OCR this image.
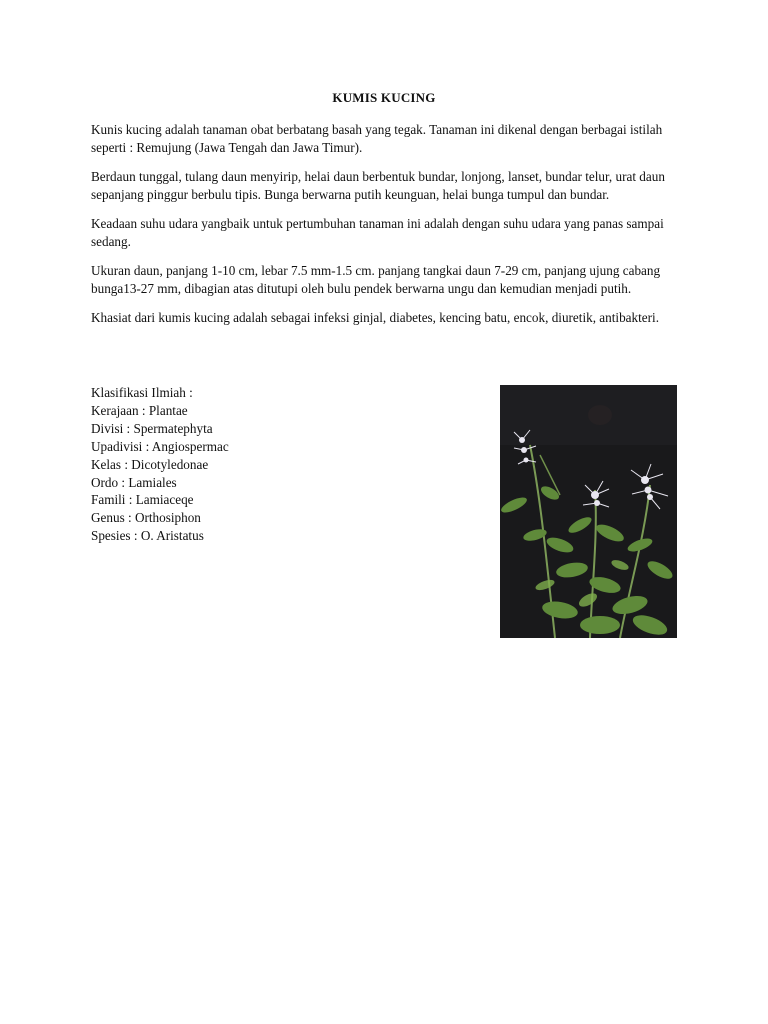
KUMIS KUCING

Kunis kucing adalah tanaman obat berbatang basah yang tegak. Tanaman ini dikenal dengan berbagai istilah seperti : Remujung (Jawa Tengah dan Jawa Timur).

Berdaun tunggal, tulang daun menyirip, helai daun berbentuk bundar, lonjong, lanset, bundar telur, urat daun sepanjang pinggur berbulu tipis. Bunga berwarna putih keunguan, helai bunga tumpul dan bundar.

Keadaan suhu udara yangbaik untuk pertumbuhan tanaman ini adalah dengan suhu udara yang panas sampai sedang.

Ukuran daun, panjang 1-10 cm, lebar 7.5 mm-1.5 cm. panjang tangkai daun 7-29 cm, panjang ujung cabang bunga13-27 mm, dibagian atas ditutupi oleh bulu pendek berwarna ungu dan kemudian menjadi putih.

Khasiat dari kumis kucing adalah sebagai infeksi ginjal, diabetes, kencing batu, encok, diuretik, antibakteri.

Klasifikasi Ilmiah :
Kerajaan : Plantae
Divisi : Spermatephyta
Upadivisi : Angiospermac
Kelas : Dicotyledonae
Ordo : Lamiales
Famili : Lamiaceqe
Genus : Orthosiphon
Spesies : O. Aristatus
